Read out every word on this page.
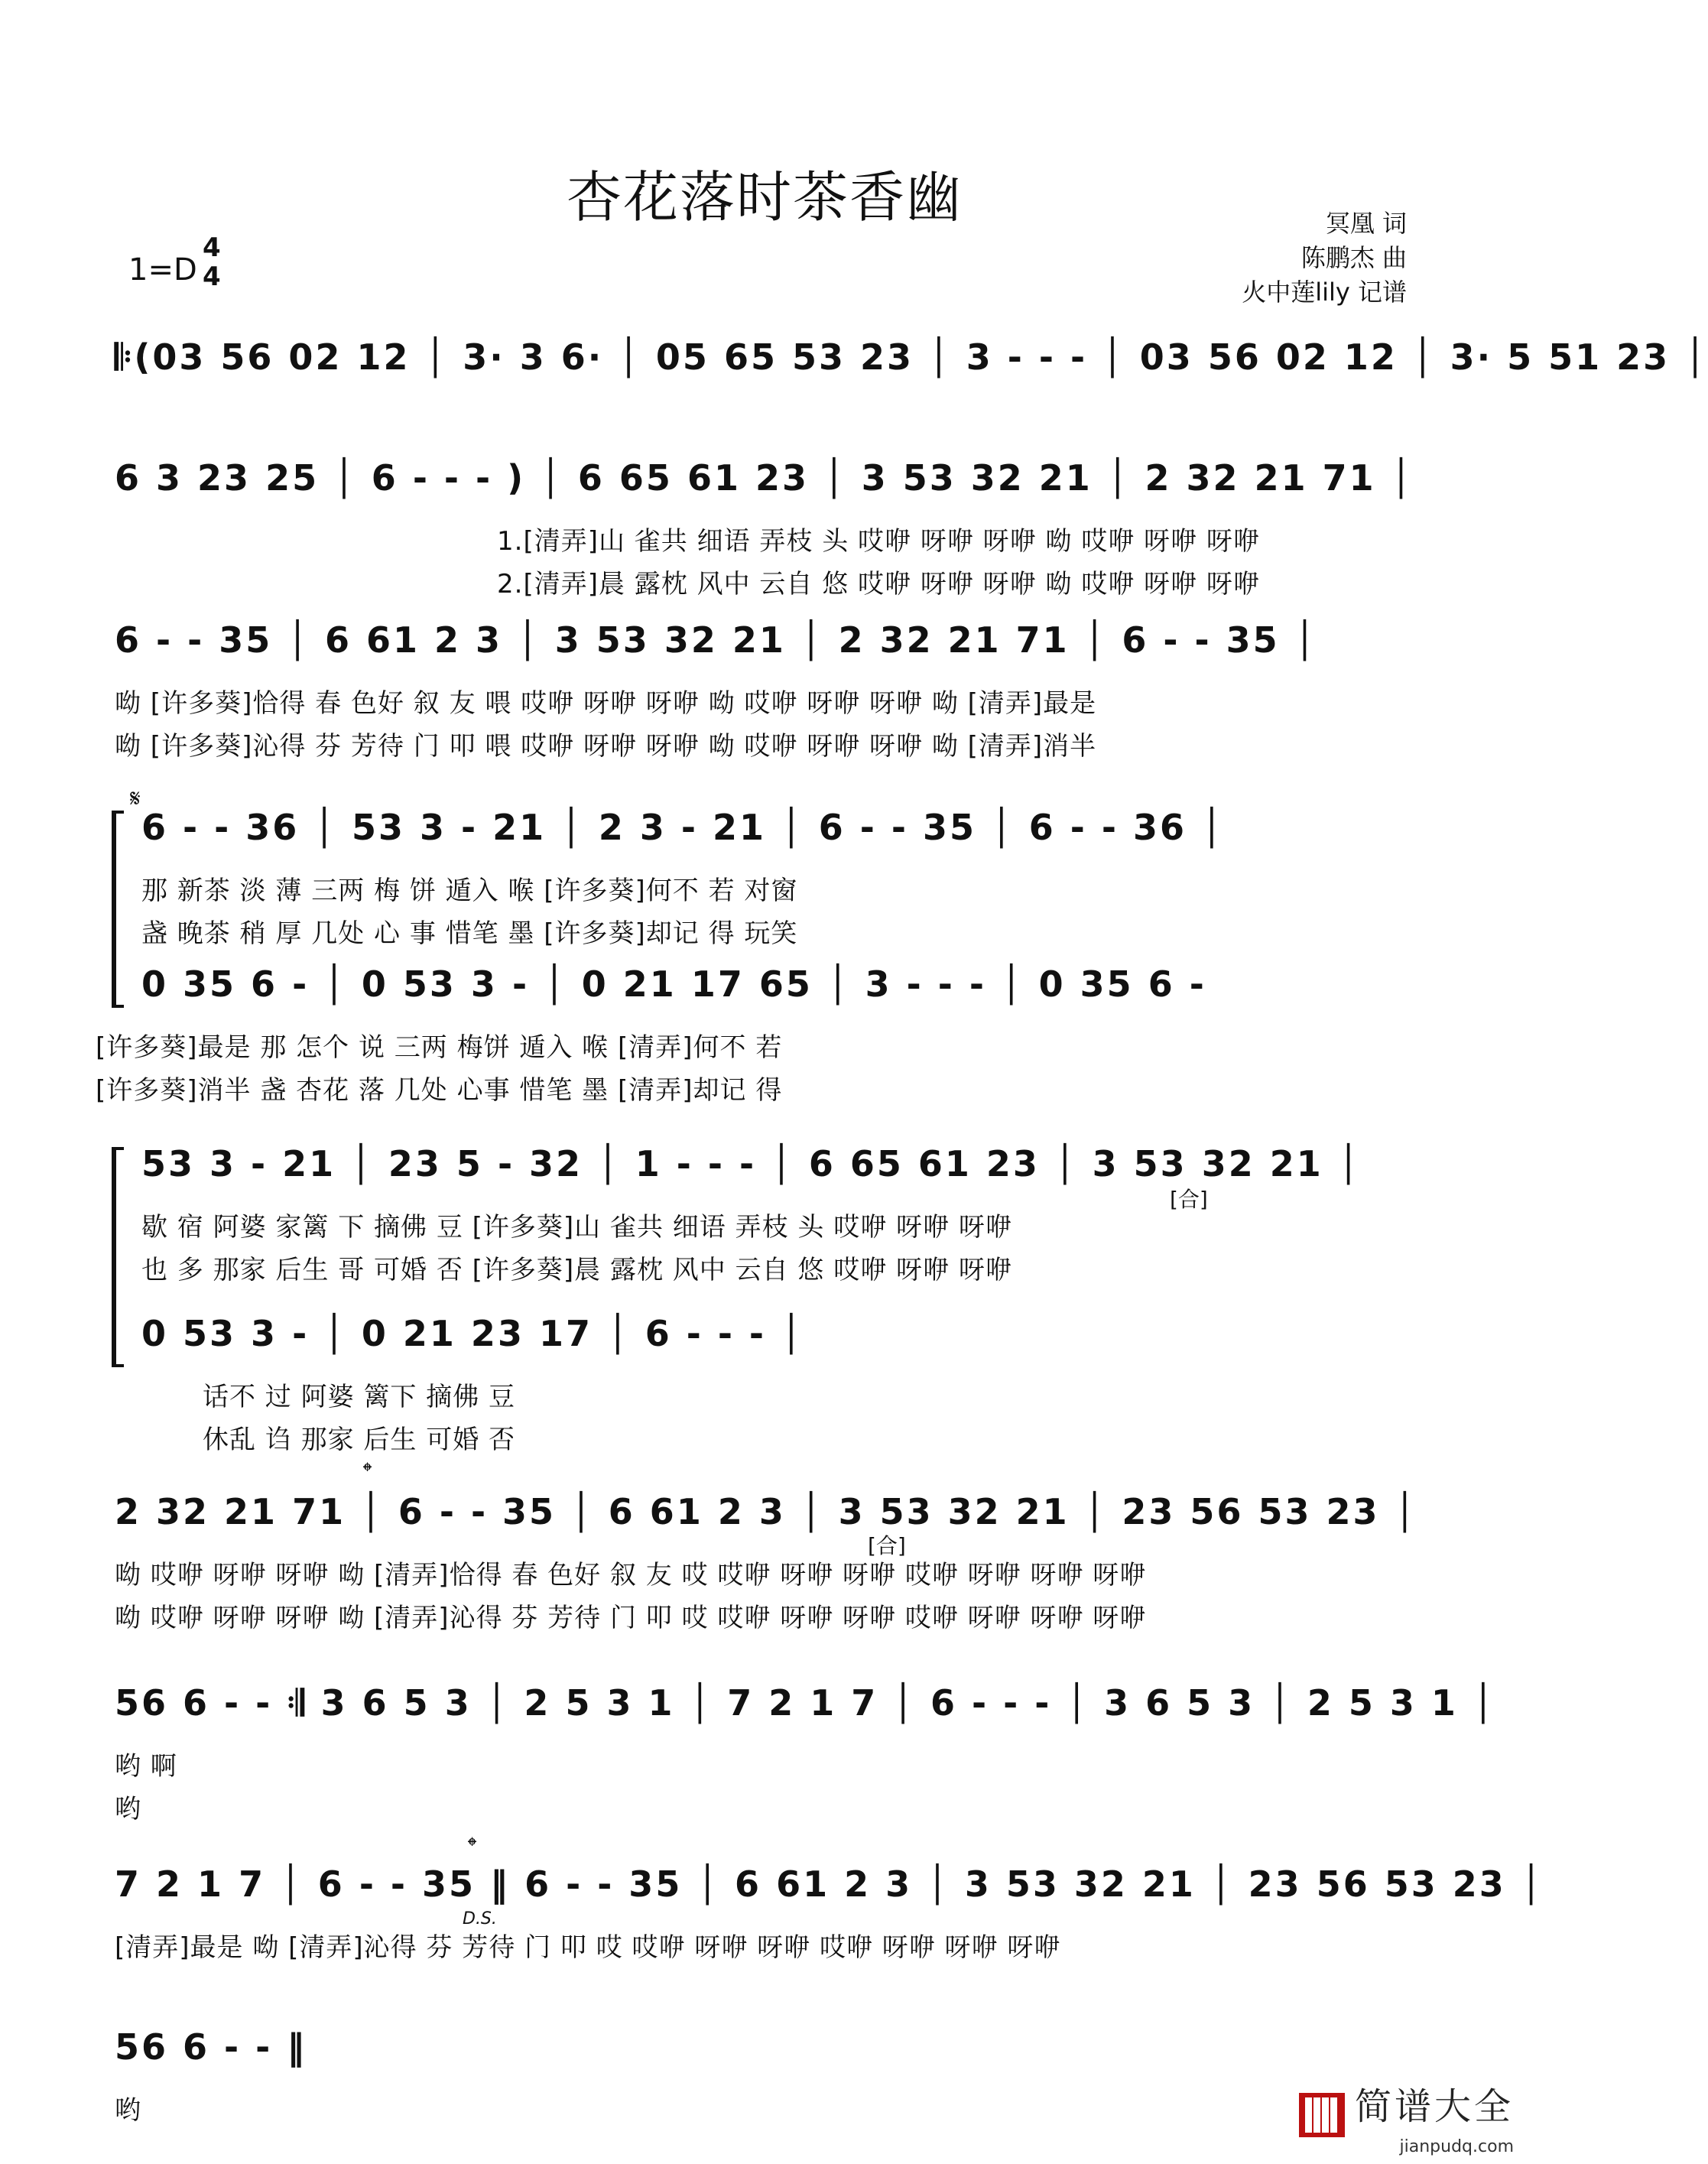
杏花落时茶香幽	冥凰 词
陈鹏杰 曲
火中莲lily 记谱
1=D
4
4
𝄆(03 56 02 12 │ 3· 3 6· │ 05 65 53 23 │ 3 - - - │ 03 56 02 12 │ 3· 5 51 23 │
6 3 23 25 │ 6 - - - ) │ 6 65 61 23 │ 3 53 32 21 │ 2 32 21 71 │
1.[清弄]山 雀共 细语 弄枝 头 哎咿 呀咿 呀咿 呦 哎咿 呀咿 呀咿
2.[清弄]晨 露枕 风中 云自 悠 哎咿 呀咿 呀咿 呦 哎咿 呀咿 呀咿
6 - - 35 │ 6 61 2 3 │ 3 53 32 21 │ 2 32 21 71 │ 6 - - 35 │
呦 [许多葵]恰得 春 色好 叙 友 喂 哎咿 呀咿 呀咿 呦 哎咿 呀咿 呀咿 呦 [清弄]最是
呦 [许多葵]沁得 芬 芳待 门 叩 喂 哎咿 呀咿 呀咿 呦 哎咿 呀咿 呀咿 呦 [清弄]消半
𝄋
6 - - 36 │ 53 3 - 21 │ 2 3 - 21 │ 6 - - 35 │ 6 - - 36 │
那 新茶 淡 薄 三两 梅 饼 遁入 喉 [许多葵]何不 若 对窗
盏 晚茶 稍 厚 几处 心 事 惜笔 墨 [许多葵]却记 得 玩笑
0 35 6 - │ 0 53 3 - │ 0 21 17 65 │ 3 - - - │ 0 35 6 -
[许多葵]最是 那 怎个 说 三两 梅饼 遁入 喉 [清弄]何不 若
[许多葵]消半 盏 杏花 落 几处 心事 惜笔 墨 [清弄]却记 得
53 3 - 21 │ 23 5 - 32 │ 1 - - - │ 6 65 61 23 │ 3 53 32 21 │
歇 宿 阿婆 家篱 下 摘佛 豆 [许多葵]山 雀共 细语 弄枝 头 哎咿 呀咿 呀咿
也 多 那家 后生 哥 可婚 否 [许多葵]晨 露枕 风中 云自 悠 哎咿 呀咿 呀咿
[合]
0 53 3 - │ 0 21 23 17 │ 6 - - - │
话不 过 阿婆 篱下 摘佛 豆
休乱 诌 那家 后生 可婚 否
𝄌
2 32 21 71 │ 6 - - 35 │ 6 61 2 3 │ 3 53 32 21 │ 23 56 53 23 │
呦 哎咿 呀咿 呀咿 呦 [清弄]恰得 春 色好 叙 友 哎 哎咿 呀咿 呀咿 哎咿 呀咿 呀咿 呀咿
呦 哎咿 呀咿 呀咿 呦 [清弄]沁得 芬 芳待 门 叩 哎 哎咿 呀咿 呀咿 哎咿 呀咿 呀咿 呀咿
[合]
56 6 - - 𝄇 3 6 5 3 │ 2 5 3 1 │ 7 2 1 7 │ 6 - - - │ 3 6 5 3 │ 2 5 3 1 │
哟 啊
哟
𝄌
7 2 1 7 │ 6 - - 35 ‖ 6 - - 35 │ 6 61 2 3 │ 3 53 32 21 │ 23 56 53 23 │
[清弄]最是 呦 [清弄]沁得 芬 芳待 门 叩 哎 哎咿 呀咿 呀咿 哎咿 呀咿 呀咿 呀咿
D.S.
56 6 - - ‖
哟	简谱大全
jianpudq.com
